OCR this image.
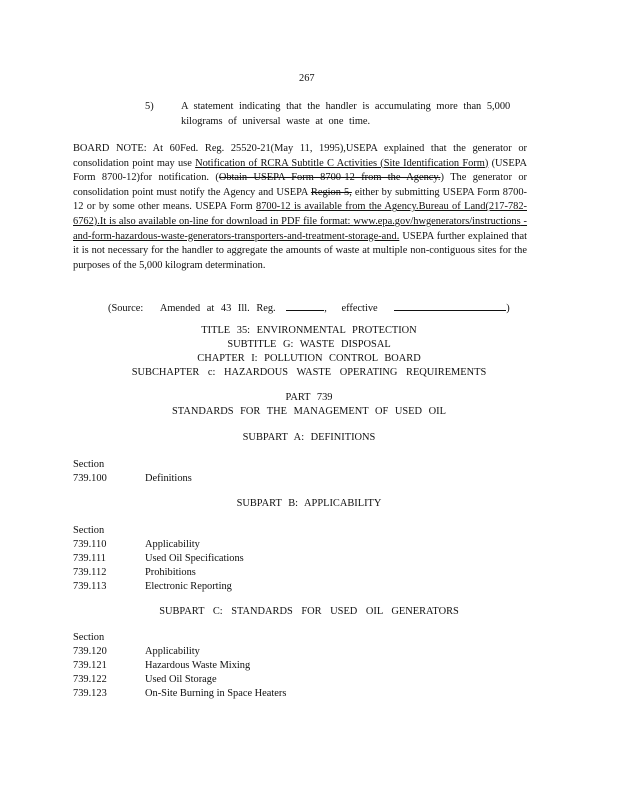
267
5)	A statement indicating that the handler is accumulating more than 5,000
kilograms of universal waste at one time.
BOARD NOTE: At 60Fed. Reg. 25520-21(May 11, 1995),USEPA explained that the generator or consolidation point may use Notification of RCRA Subtitle C Activities (Site Identification Form) (USEPA Form 8700-12)for notification. (Obtain USEPA Form 8700-12 from the Agency.) The generator or consolidation point must notify the Agency and USEPA Region 5, either by submitting USEPA Form 8700-12 or by some other means. USEPA Form 8700-12 is available from the Agency.Bureau of Land(217-782-6762).It is also available on-line for download in PDF file format: www.epa.gov/hwgenerators/instructions -and-form-hazardous-waste-generators-transporters-and-treatment-storage-and. USEPA further explained that it is not necessary for the handler to aggregate the amounts of waste at multiple non-contiguous sites for the purposes of the 5,000 kilogram determination.
(Source: Amended at 43 Ill. Reg.	, effective	)
TITLE 35: ENVIRONMENTAL PROTECTION
SUBTITLE G: WASTE DISPOSAL
CHAPTER I: POLLUTION CONTROL BOARD
SUBCHAPTER c: HAZARDOUS WASTE OPERATING REQUIREMENTS
PART 739
STANDARDS FOR THE MANAGEMENT OF USED OIL
SUBPART A: DEFINITIONS
Section
739.100	Definitions
SUBPART B: APPLICABILITY
Section
739.110	Applicability
739.111	Used Oil Specifications
739.112	Prohibitions
739.113	Electronic Reporting
SUBPART C: STANDARDS FOR USED OIL GENERATORS
Section
739.120	Applicability
739.121	Hazardous Waste Mixing
739.122	Used Oil Storage
739.123	On-Site Burning in Space Heaters
